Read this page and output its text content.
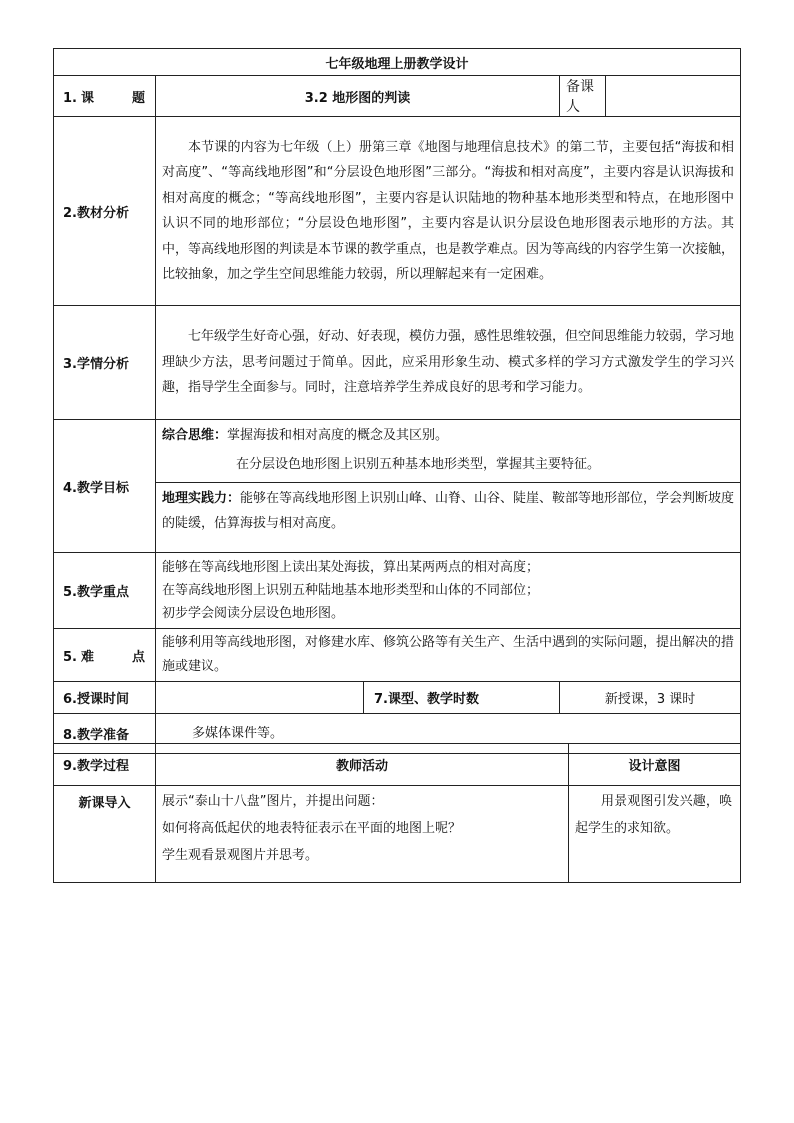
七年级地理上册教学设计				
1.课　　题	3.2 地形图的判读		备课人	
2.教材分析	本节课的内容为七年级（上）册第三章《地图与地理信息技术》的第二节，主要包括“海拔和相对高度”、“等高线地形图”和“分层设色地形图”三部分。“海拔和相对高度”，主要内容是认识海拔和相对高度的概念；“等高线地形图”，主要内容是认识陆地的物种基本地形类型和特点，在地形图中认识不同的地形部位；“分层设色地形图”，主要内容是认识分层设色地形图表示地形的方法。其中，等高线地形图的判读是本节课的教学重点，也是教学难点。因为等高线的内容学生第一次接触，比较抽象，加之学生空间思维能力较弱，所以理解起来有一定困难。			
3.学情分析	七年级学生好奇心强，好动、好表现，模仿力强，感性思维较强，但空间思维能力较弱，学习地理缺少方法，思考问题过于简单。因此，应采用形象生动、模式多样的学习方式激发学生的学习兴趣，指导学生全面参与。同时，注意培养学生养成良好的思考和学习能力。			
4.教学目标	综合思维：掌握海拔和相对高度的概念及其区别。
在分层设色地形图上识别五种基本地形类型，掌握其主要特征。
地理实践力：能够在等高线地形图上识别山峰、山脊、山谷、陡崖、鞍部等地形部位，学会判断坡度的陡缓，估算海拔与相对高度。			

5.教学重点	能够在等高线地形图上读出某处海拔，算出某两两点的相对高度；
在等高线地形图上识别五种陆地基本地形类型和山体的不同部位；
初步学会阅读分层设色地形图。			

5.难　　点	能够利用等高线地形图，对修建水库、修筑公路等有关生产、生活中遇到的实际问题，提出解决的措施或建议。			
6.授课时间		7.课型、教学时数	新授课，3 课时	
8.教学准备	多媒体课件等。			
9.教学过程	教师活动	设计意图
新课导入	展示“泰山十八盘”图片，并提出问题：
如何将高低起伏的地表特征表示在平面的地图上呢？
学生观看景观图片并思考。	用景观图引发兴趣，唤起学生的求知欲。
